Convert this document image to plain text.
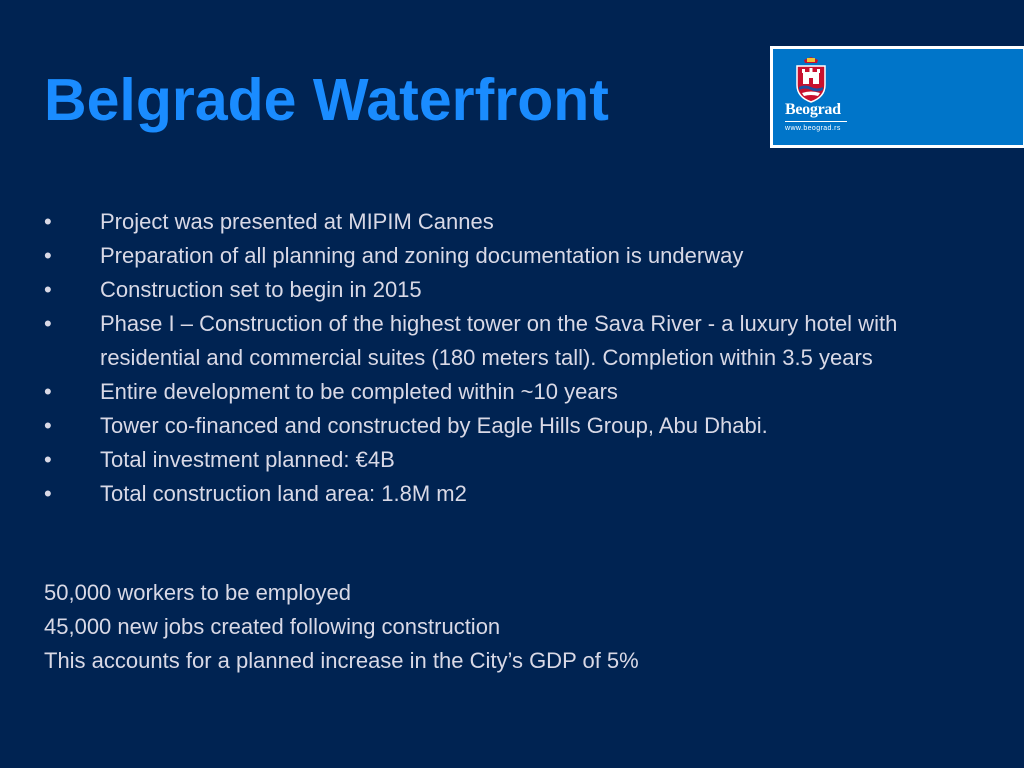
Belgrade Waterfront	Beograd
www.beograd.rs
• Project was presented at MIPIM Cannes
• Preparation of all planning and zoning documentation is underway
• Construction set to begin in 2015
• Phase I – Construction of the highest tower on the Sava River - a luxury hotel with residential and commercial suites (180 meters tall). Completion within 3.5 years
• Entire development to be completed within ~10 years
• Tower co-financed and constructed by Eagle Hills Group, Abu Dhabi.
• Total investment planned: €4B
• Total construction land area: 1.8M m2
50,000 workers to be employed
45,000 new jobs created following construction
This accounts for a planned increase in the City’s GDP of 5%
